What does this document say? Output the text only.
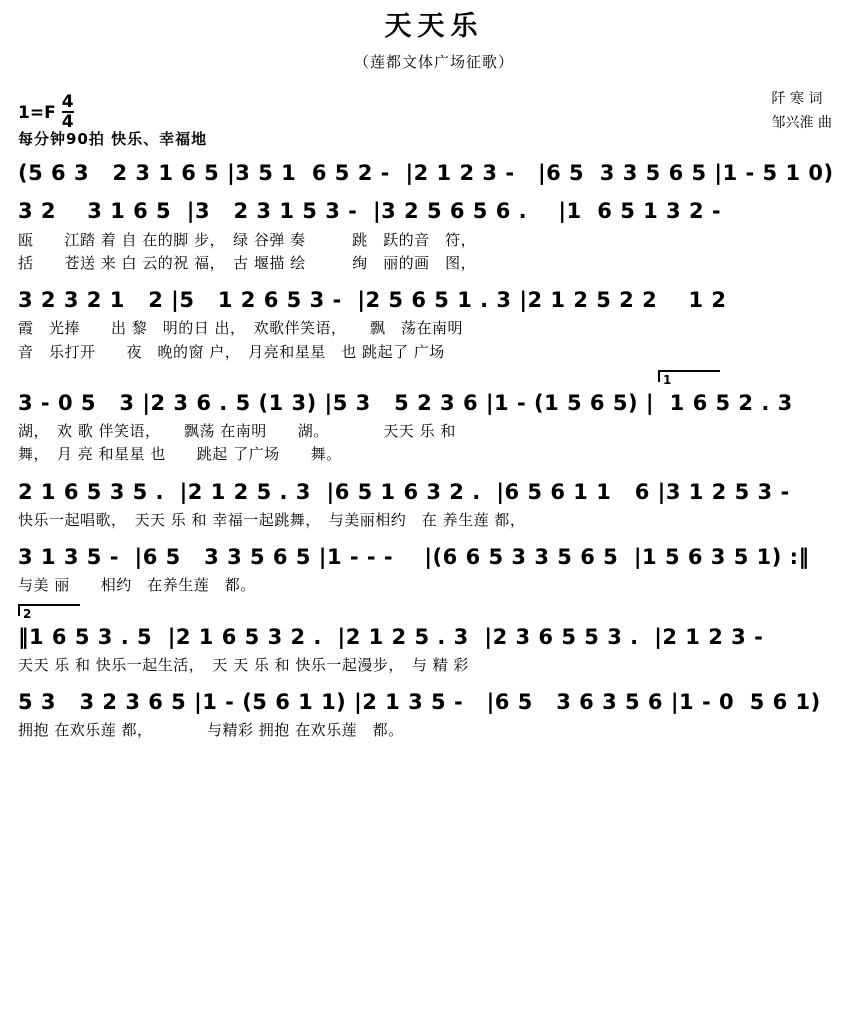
天天乐
（莲都文体广场征歌）
$1=F \frac{4}{4}$	阡 寒 词
邹兴淮 曲
每分钟90拍 快乐、幸福地
(5 6 3   2 3 1 6 5 |3 5 1  6 5 2 -  |2 1 2 3 -   |6 5  3 3 5 6 5 |1 - 5 1 0)
3 2    3 1 6 5  |3   2 3 1 5 3 -  |3 2 5 6 5 6 .    |1  6 5 1 3 2 -
瓯　　江踏 着 自 在的脚 步，　绿 谷弹 奏　　　跳　跃的音　符，
括　　苍送 来 白 云的祝 福，　古 堰描 绘　　　绚　丽的画　图，
3 2 3 2 1   2 |5   1 2 6 5 3 -  |2 5 6 5 1 . 3 |2 1 2 5 2 2    1 2
霞　光捧　　出 黎　明的日 出，　欢歌伴笑语，　　飘　荡在南明
音　乐打开　　夜　晚的窗 户，　月亮和星星　也 跳起了 广场
1
3 - 0 5   3 |2 3 6 . 5 (1 3) |5 3   5 2 3 6 |1 - (1 5 6 5) |  1 6 5 2 . 3
湖，　欢 歌 伴笑语，　　飘荡 在南明　　湖。　　　　天天 乐 和
舞，　月 亮 和星星 也　　跳起 了广场　　舞。
2 1 6 5 3 5 .  |2 1 2 5 . 3  |6 5 1 6 3 2 .  |6 5 6 1 1   6 |3 1 2 5 3 -
快乐一起唱歌，　天天 乐 和 幸福一起跳舞，　与美丽相约　在 养生莲 都，
3 1 3 5 -  |6 5   3 3 5 6 5 |1 - - -    |(6 6 5 3 3 5 6 5  |1 5 6 3 5 1) :‖
与美 丽　　相约　在养生莲　都。
2
‖1 6 5 3 . 5  |2 1 6 5 3 2 .  |2 1 2 5 . 3  |2 3 6 5 5 3 .  |2 1 2 3 -
天天 乐 和 快乐一起生活，　天 天 乐 和 快乐一起漫步，　与 精 彩
5 3   3 2 3 6 5 |1 - (5 6 1 1) |2 1 3 5 -   |6 5   3 6 3 5 6 |1 - 0  5 6 1)
拥抱 在欢乐莲 都，　　　　与精彩 拥抱 在欢乐莲　都。
